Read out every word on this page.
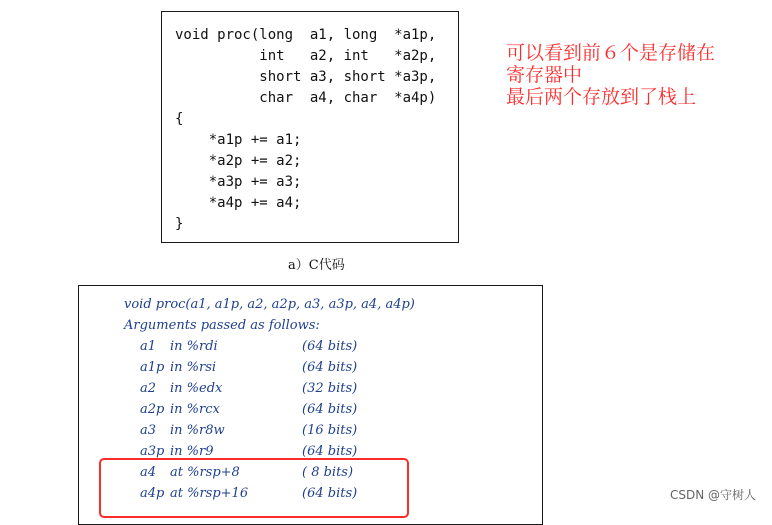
void proc(long  a1, long  *a1p,
int   a2, int   *a2p,
short a3, short *a3p,
char  a4, char  *a4p)
{
*a1p += a1;
*a2p += a2;
*a3p += a3;
*a4p += a4;
}
可以看到前６个是存储在
寄存器中
最后两个存放到了栈上
a）C代码
void proc(a1, a1p, a2, a2p, a3, a3p, a4, a4p)
Arguments passed as follows:
a1 in %rdi	(64 bits)
a1p in %rsi	(64 bits)
a2 in %edx	(32 bits)
a2p in %rcx	(64 bits)
a3 in %r8w	(16 bits)
a3p in %r9	(64 bits)
a4 at %rsp+8	( 8 bits)
a4p at %rsp+16	(64 bits)	CSDN @守树人
